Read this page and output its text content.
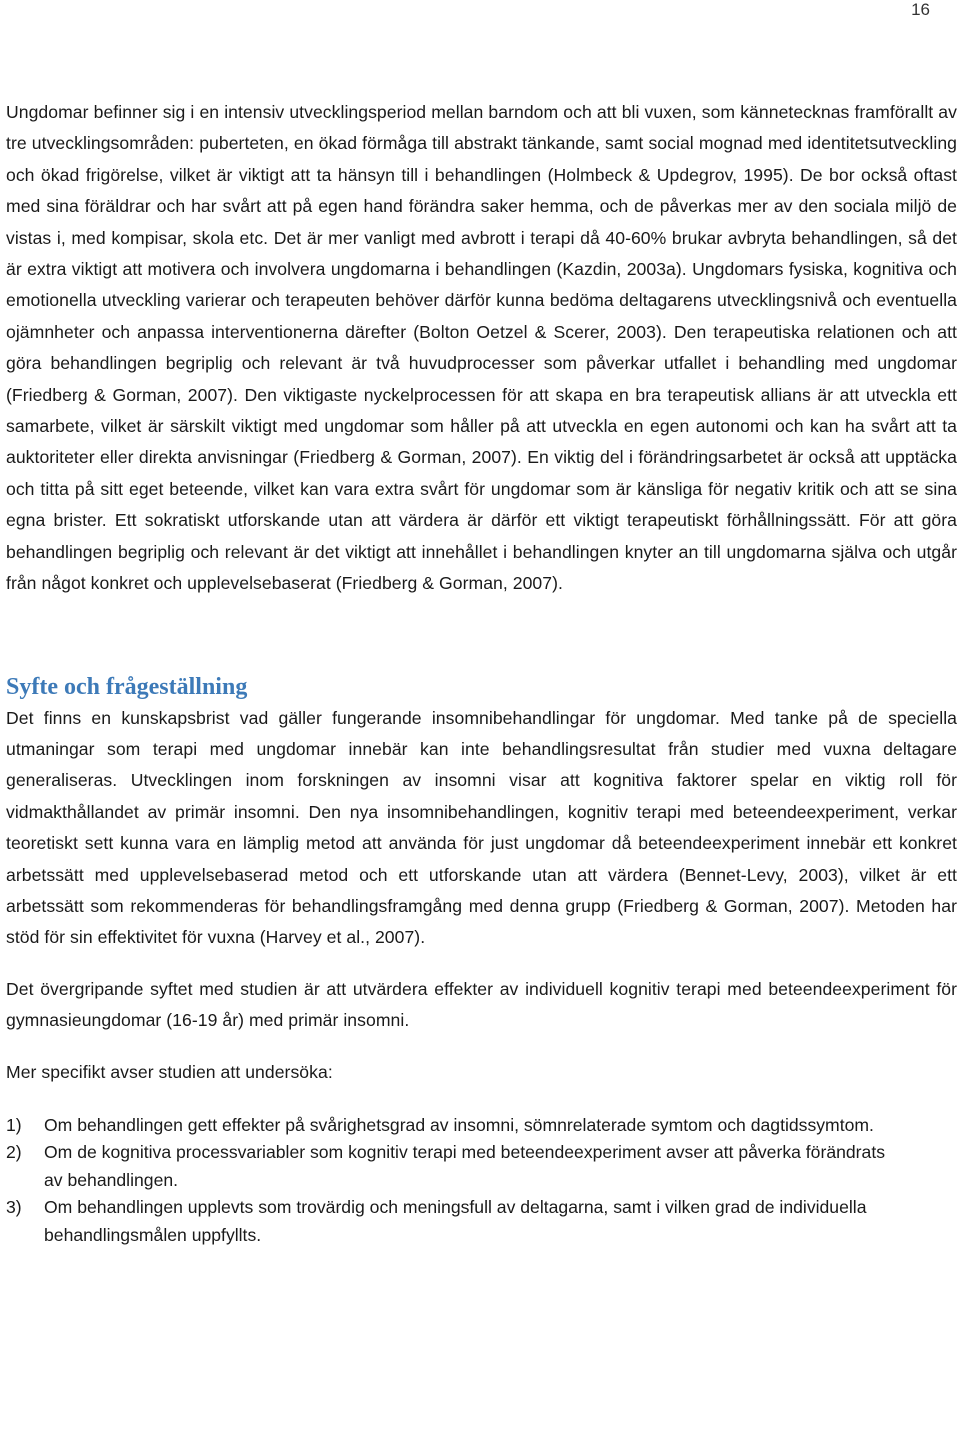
16

Ungdomar befinner sig i en intensiv utvecklingsperiod mellan barndom och att bli vuxen, som kännetecknas framförallt av tre utvecklingsområden: puberteten, en ökad förmåga till abstrakt tänkande, samt social mognad med identitetsutveckling och ökad frigörelse, vilket är viktigt att ta hänsyn till i behandlingen (Holmbeck & Updegrov, 1995). De bor också oftast med sina föräldrar och har svårt att på egen hand förändra saker hemma, och de påverkas mer av den sociala miljö de vistas i, med kompisar, skola etc. Det är mer vanligt med avbrott i terapi då 40-60% brukar avbryta behandlingen, så det är extra viktigt att motivera och involvera ungdomarna i behandlingen (Kazdin, 2003a). Ungdomars fysiska, kognitiva och emotionella utveckling varierar och terapeuten behöver därför kunna bedöma deltagarens utvecklingsnivå och eventuella ojämnheter och anpassa interventionerna därefter (Bolton Oetzel & Scerer, 2003). Den terapeutiska relationen och att göra behandlingen begriplig och relevant är två huvudprocesser som påverkar utfallet i behandling med ungdomar (Friedberg & Gorman, 2007). Den viktigaste nyckelprocessen för att skapa en bra terapeutisk allians är att utveckla ett samarbete, vilket är särskilt viktigt med ungdomar som håller på att utveckla en egen autonomi och kan ha svårt att ta auktoriteter eller direkta anvisningar (Friedberg & Gorman, 2007). En viktig del i förändringsarbetet är också att upptäcka och titta på sitt eget beteende, vilket kan vara extra svårt för ungdomar som är känsliga för negativ kritik och att se sina egna brister. Ett sokratiskt utforskande utan att värdera är därför ett viktigt terapeutiskt förhållningssätt. För att göra behandlingen begriplig och relevant är det viktigt att innehållet i behandlingen knyter an till ungdomarna själva och utgår från något konkret och upplevelsebaserat (Friedberg & Gorman, 2007).

Syfte och frågeställning

Det finns en kunskapsbrist vad gäller fungerande insomnibehandlingar för ungdomar. Med tanke på de speciella utmaningar som terapi med ungdomar innebär kan inte behandlingsresultat från studier med vuxna deltagare generaliseras. Utvecklingen inom forskningen av insomni visar att kognitiva faktorer spelar en viktig roll för vidmakthållandet av primär insomni. Den nya insomnibehandlingen, kognitiv terapi med beteendeexperiment, verkar teoretiskt sett kunna vara en lämplig metod att använda för just ungdomar då beteendeexperiment innebär ett konkret arbetssätt med upplevelsebaserad metod och ett utforskande utan att värdera (Bennet-Levy, 2003), vilket är ett arbetssätt som rekommenderas för behandlingsframgång med denna grupp (Friedberg & Gorman, 2007). Metoden har stöd för sin effektivitet för vuxna (Harvey et al., 2007).

Det övergripande syftet med studien är att utvärdera effekter av individuell kognitiv terapi med beteendeexperiment för gymnasieungdomar (16-19 år) med primär insomni.

Mer specifikt avser studien att undersöka:

1)	Om behandlingen gett effekter på svårighetsgrad av insomni, sömnrelaterade symtom och dagtidssymtom.
2)	Om de kognitiva processvariabler som kognitiv terapi med beteendeexperiment avser att påverka förändrats av behandlingen.
3)	Om behandlingen upplevts som trovärdig och meningsfull av deltagarna, samt i vilken grad de individuella behandlingsmålen uppfyllts.
